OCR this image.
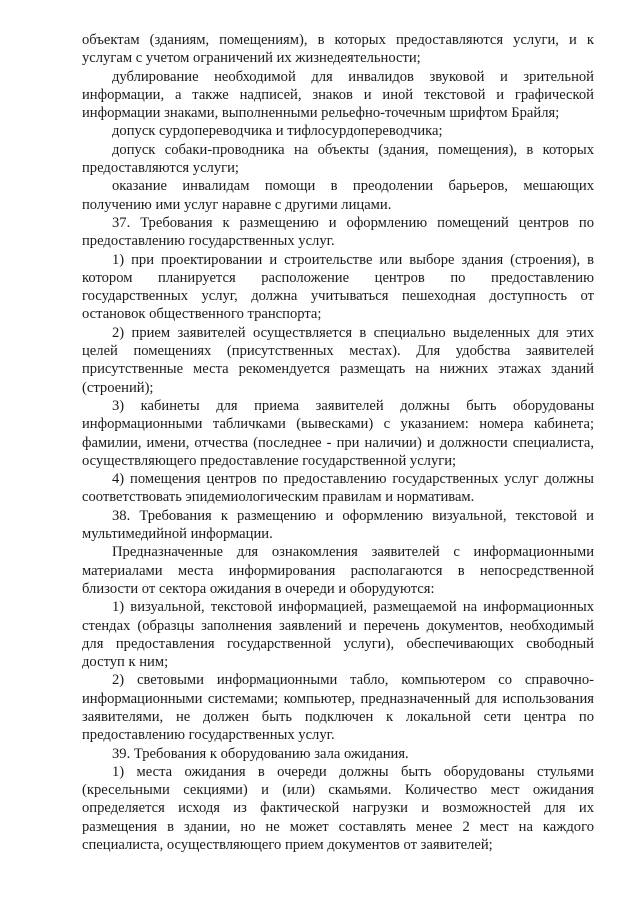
объектам (зданиям, помещениям), в которых предоставляются услуги, и к услугам с учетом ограничений их жизнедеятельности;

дублирование необходимой для инвалидов звуковой и зрительной информации, а также надписей, знаков и иной текстовой и графической информации знаками, выполненными рельефно-точечным шрифтом Брайля;

допуск сурдопереводчика и тифлосурдопереводчика;

допуск собаки-проводника на объекты (здания, помещения), в которых предоставляются услуги;

оказание инвалидам помощи в преодолении барьеров, мешающих получению ими услуг наравне с другими лицами.

37. Требования к размещению и оформлению помещений центров по предоставлению государственных услуг.

1) при проектировании и строительстве или выборе здания (строения), в котором планируется расположение центров по предоставлению государственных услуг, должна учитываться пешеходная доступность от остановок общественного транспорта;

2) прием заявителей осуществляется в специально выделенных для этих целей помещениях (присутственных местах). Для удобства заявителей присутственные места рекомендуется размещать на нижних этажах зданий (строений);

3) кабинеты для приема заявителей должны быть оборудованы информационными табличками (вывесками) с указанием: номера кабинета; фамилии, имени, отчества (последнее - при наличии) и должности специалиста, осуществляющего предоставление государственной услуги;

4) помещения центров по предоставлению государственных услуг должны соответствовать эпидемиологическим правилам и нормативам.

38. Требования к размещению и оформлению визуальной, текстовой и мультимедийной информации.

Предназначенные для ознакомления заявителей с информационными материалами места информирования располагаются в непосредственной близости от сектора ожидания в очереди и оборудуются:

1) визуальной, текстовой информацией, размещаемой на информационных стендах (образцы заполнения заявлений и перечень документов, необходимый для предоставления государственной услуги), обеспечивающих свободный доступ к ним;

2) световыми информационными табло, компьютером со справочно-информационными системами; компьютер, предназначенный для использования заявителями, не должен быть подключен к локальной сети центра по предоставлению государственных услуг.

39. Требования к оборудованию зала ожидания.

1) места ожидания в очереди должны быть оборудованы стульями (кресельными секциями) и (или) скамьями. Количество мест ожидания определяется исходя из фактической нагрузки и возможностей для их размещения в здании, но не может составлять менее 2 мест на каждого специалиста, осуществляющего прием документов от заявителей;
